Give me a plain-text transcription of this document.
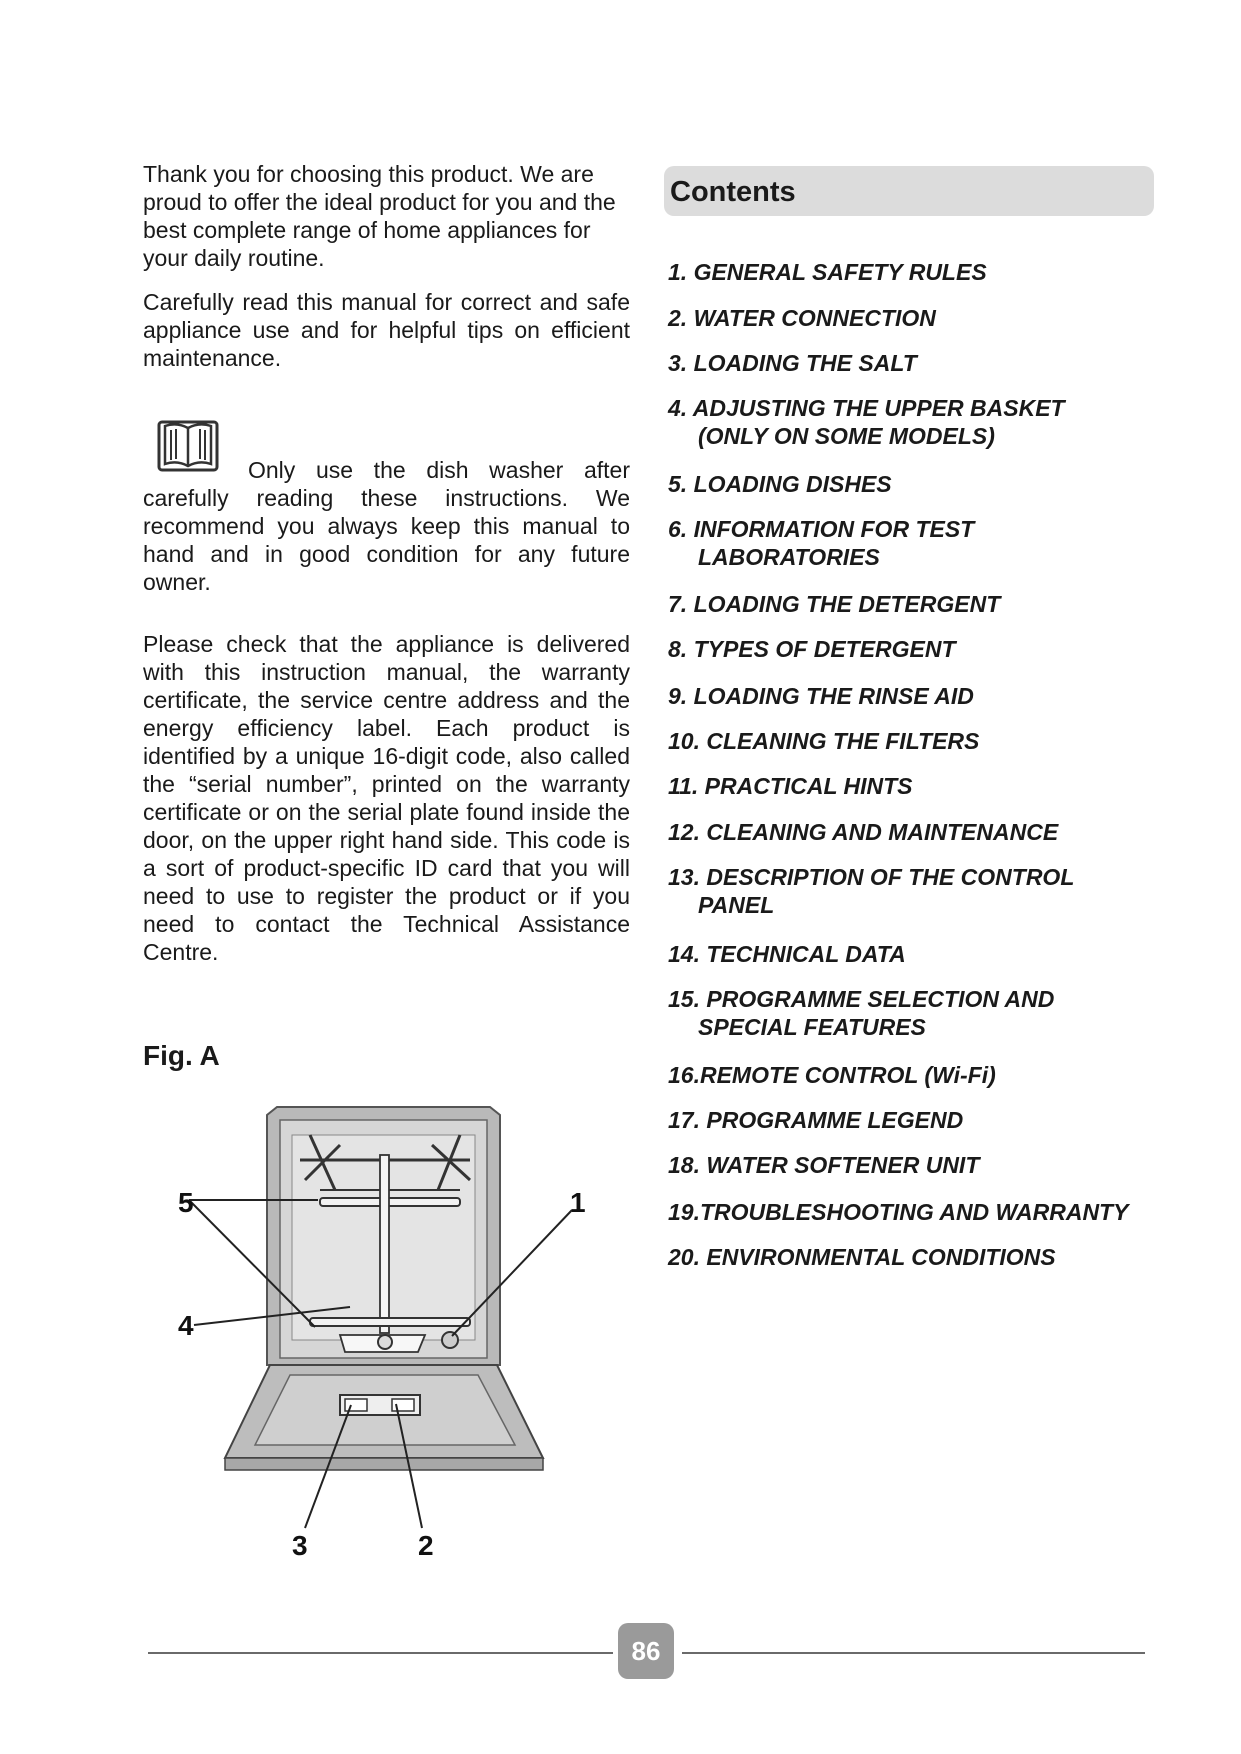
Thank you for choosing this product. We are proud to offer the ideal product for you and the best complete range of home appliances for your daily routine.

Carefully read this manual for correct and safe appliance use and for helpful tips on efficient maintenance.

Only use the dish washer after carefully reading these instructions. We recommend you always keep this manual to hand and in good condition for any future owner.

Please check that the appliance is delivered with this instruction manual, the warranty certificate, the service centre address and the energy efficiency label. Each product is identified by a unique 16-digit code, also called the “serial number”, printed on the warranty certificate or on the serial plate found inside the door, on the upper right hand side. This code is a sort of product-specific ID card that you will need to use to register the product or if you need to contact the Technical Assistance Centre.

Fig. A

5	1
4
3	2

Contents

1. GENERAL SAFETY RULES
2. WATER CONNECTION
3. LOADING THE SALT
4. ADJUSTING THE UPPER BASKET
(ONLY ON SOME MODELS)
5. LOADING DISHES
6. INFORMATION FOR TEST
LABORATORIES
7. LOADING THE DETERGENT
8. TYPES OF DETERGENT
9. LOADING THE RINSE AID
10. CLEANING THE FILTERS
11. PRACTICAL HINTS
12. CLEANING AND MAINTENANCE
13. DESCRIPTION OF THE CONTROL
PANEL
14. TECHNICAL DATA
15. PROGRAMME SELECTION AND
SPECIAL FEATURES
16.REMOTE CONTROL (Wi-Fi)
17. PROGRAMME LEGEND
18. WATER SOFTENER UNIT
19.TROUBLESHOOTING AND WARRANTY
20. ENVIRONMENTAL CONDITIONS
86
